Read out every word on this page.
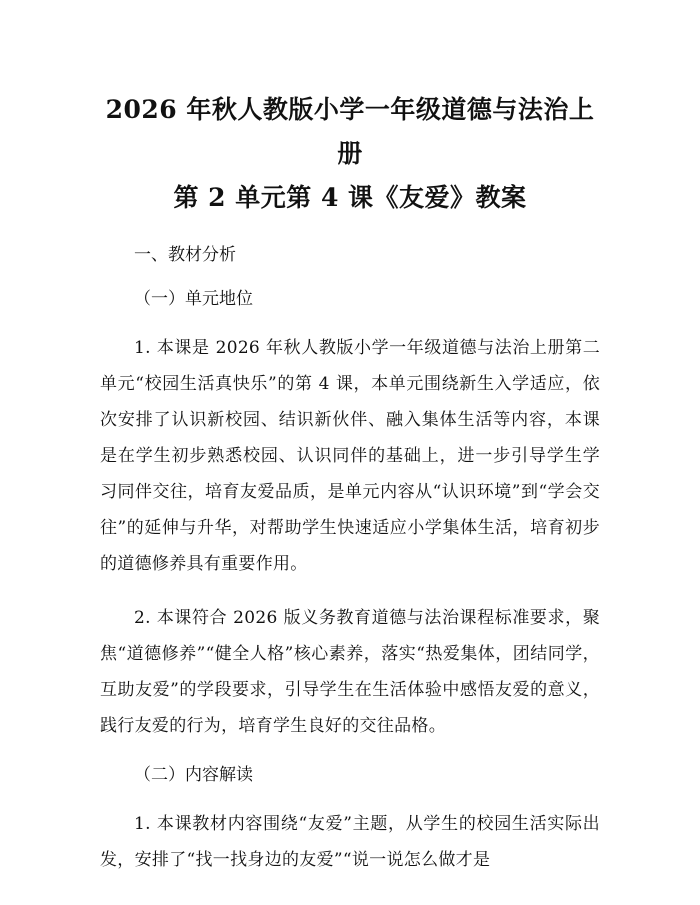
2026 年秋人教版小学一年级道德与法治上册
第 2 单元第 4 课《友爱》教案

一、教材分析

（一）单元地位

1. 本课是 2026 年秋人教版小学一年级道德与法治上册第二单元“校园生活真快乐”的第 4 课，本单元围绕新生入学适应，依次安排了认识新校园、结识新伙伴、融入集体生活等内容，本课是在学生初步熟悉校园、认识同伴的基础上，进一步引导学生学习同伴交往，培育友爱品质，是单元内容从“认识环境”到“学会交往”的延伸与升华，对帮助学生快速适应小学集体生活，培育初步的道德修养具有重要作用。

2. 本课符合 2026 版义务教育道德与法治课程标准要求，聚焦“道德修养”“健全人格”核心素养，落实“热爱集体，团结同学，互助友爱”的学段要求，引导学生在生活体验中感悟友爱的意义，践行友爱的行为，培育学生良好的交往品格。

（二）内容解读

1. 本课教材内容围绕“友爱”主题，从学生的校园生活实际出发，安排了“找一找身边的友爱”“说一说怎么做才是
